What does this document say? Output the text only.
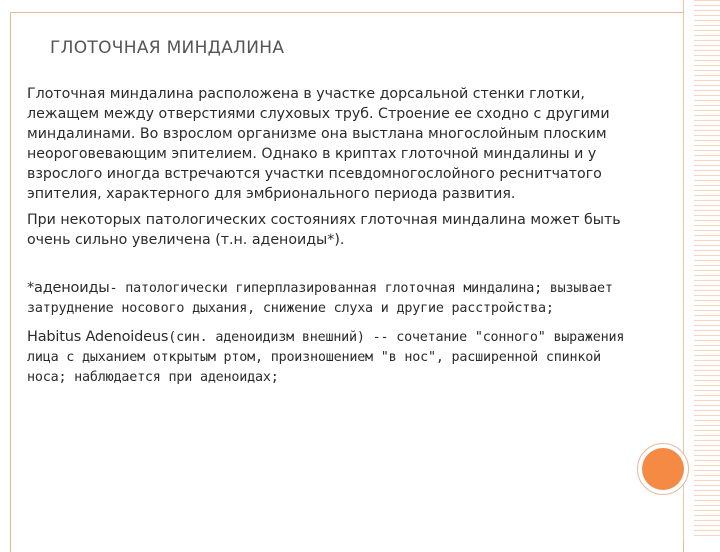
ГЛОТОЧНАЯ МИНДАЛИНА

Глоточная миндалина расположена в участке дорсальной стенки глотки, лежащем между отверстиями слуховых труб. Строение ее сходно с другими миндалинами. Во взрослом организме она выстлана многослойным плоским неороговевающим эпителием. Однако в криптах глоточной миндалины и у взрослого иногда встречаются участки псевдомногослойного реснитчатого эпителия, характерного для эмбрионального периода развития.

При некоторых патологических состояниях глоточная миндалина может быть очень сильно увеличена (т.н. аденоиды*).

*аденоиды- патологически гиперплазированная глоточная миндалина; вызывает затруднение носового дыхания, снижение слуха и другие расстройства;

Habitus Adenoideus(син. аденоидизм внешний) -- сочетание "сонного" выражения лица с дыханием открытым ртом, произношением "в нос", расширенной спинкой носа; наблюдается при аденоидах;
